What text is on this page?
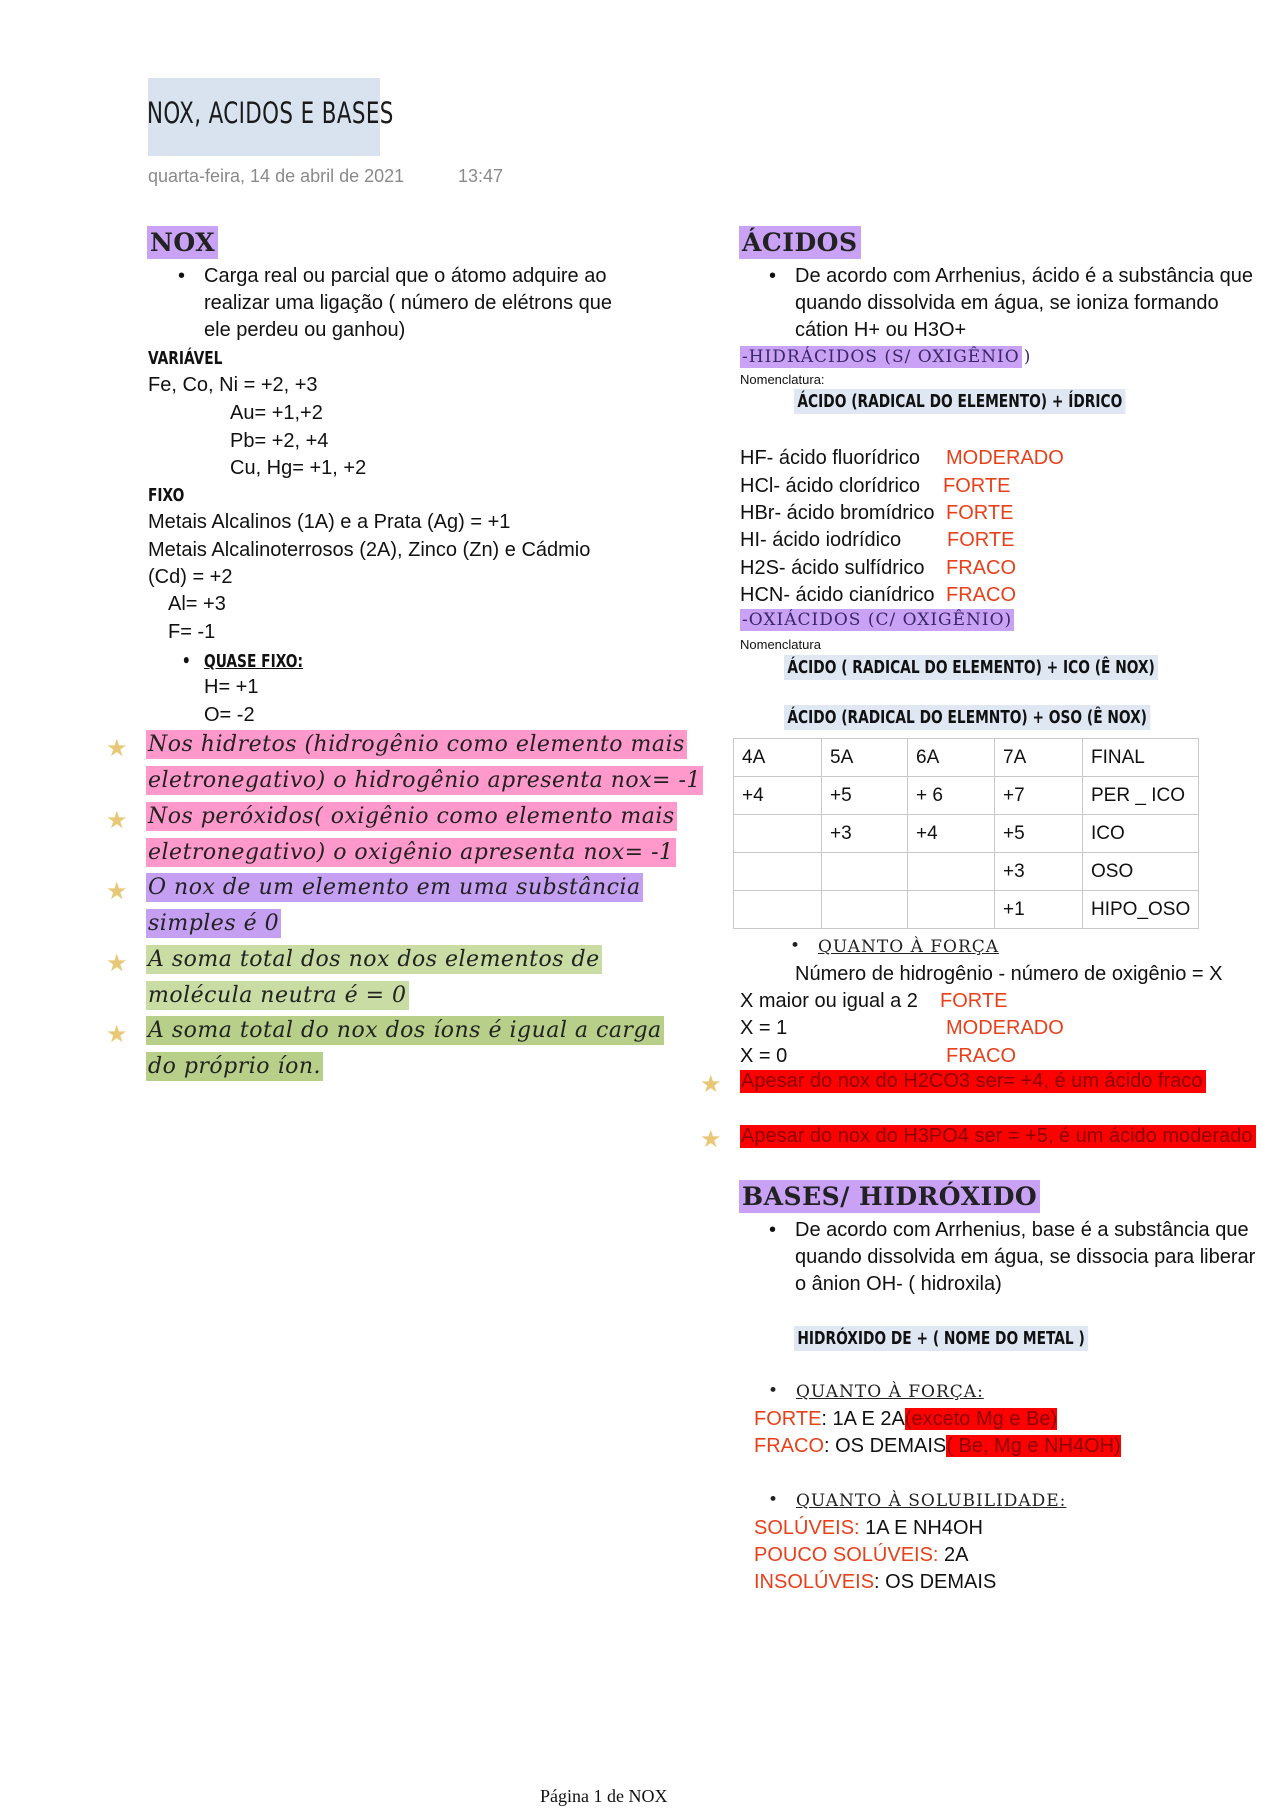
NOX, ACIDOS E BASES
quarta-feira, 14 de abril de 2021	13:47
NOX
• Carga real ou parcial que o átomo adquire ao
realizar uma ligação ( número de elétrons que
ele perdeu ou ganhou)
VARIÁVEL
Fe, Co, Ni = +2, +3
Au= +1,+2
Pb= +2, +4
Cu, Hg= +1, +2
FIXO
Metais Alcalinos (1A) e a Prata (Ag) = +1
Metais Alcalinoterrosos (2A), Zinco (Zn) e Cádmio
(Cd) = +2
Al= +3
F= -1
• QUASE FIXO:
H= +1
O= -2
★ Nos hidretos (hidrogênio como elemento mais
eletronegativo) o hidrogênio apresenta nox= -1
★ Nos peróxidos( oxigênio como elemento mais
eletronegativo) o oxigênio apresenta nox= -1
★ O nox de um elemento em uma substância
simples é 0
★ A soma total dos nox dos elementos de
molécula neutra é = 0
★ A soma total do nox dos íons é igual a carga
do próprio íon.
ÁCIDOS
• De acordo com Arrhenius, ácido é a substância que
quando dissolvida em água, se ioniza formando
cátion H+ ou H3O+
-HIDRÁCIDOS (S/ OXIGÊNIO )
Nomenclatura:
ÁCIDO (RADICAL DO ELEMENTO) + ÍDRICO
HF- ácido fluorídrico MODERADO
HCl- ácido clorídrico FORTE
HBr- ácido bromídrico FORTE
HI- ácido iodrídico FORTE
H2S- ácido sulfídrico FRACO
HCN- ácido cianídrico FRACO
-OXIÁCIDOS (C/ OXIGÊNIO)
Nomenclatura
ÁCIDO ( RADICAL DO ELEMENTO) + ICO (Ê NOX)
ÁCIDO (RADICAL DO ELEMNTO) + OSO (Ê NOX)
4A	5A	6A	7A	FINAL
+4	+5	+ 6	+7	PER _ ICO
	+3	+4	+5	ICO
			+3	OSO
			+1	HIPO_OSO
• QUANTO À FORÇA
Número de hidrogênio - número de oxigênio = X
X maior ou igual a 2 FORTE
X = 1	MODERADO
X = 0	FRACO
★ Apesar do nox do H2CO3 ser= +4, é um ácido fraco
★ Apesar do nox do H3PO4 ser = +5, é um ácido moderado
BASES/ HIDRÓXIDO
• De acordo com Arrhenius, base é a substância que
quando dissolvida em água, se dissocia para liberar
o ânion OH- ( hidroxila)
HIDRÓXIDO DE + ( NOME DO METAL )
• QUANTO À FORÇA:
FORTE: 1A E 2A(exceto Mg e Be)
FRACO: OS DEMAIS( Be, Mg e NH4OH)
• QUANTO À SOLUBILIDADE:
SOLÚVEIS: 1A E NH4OH
POUCO SOLÚVEIS: 2A
INSOLÚVEIS: OS DEMAIS
Página 1 de NOX
